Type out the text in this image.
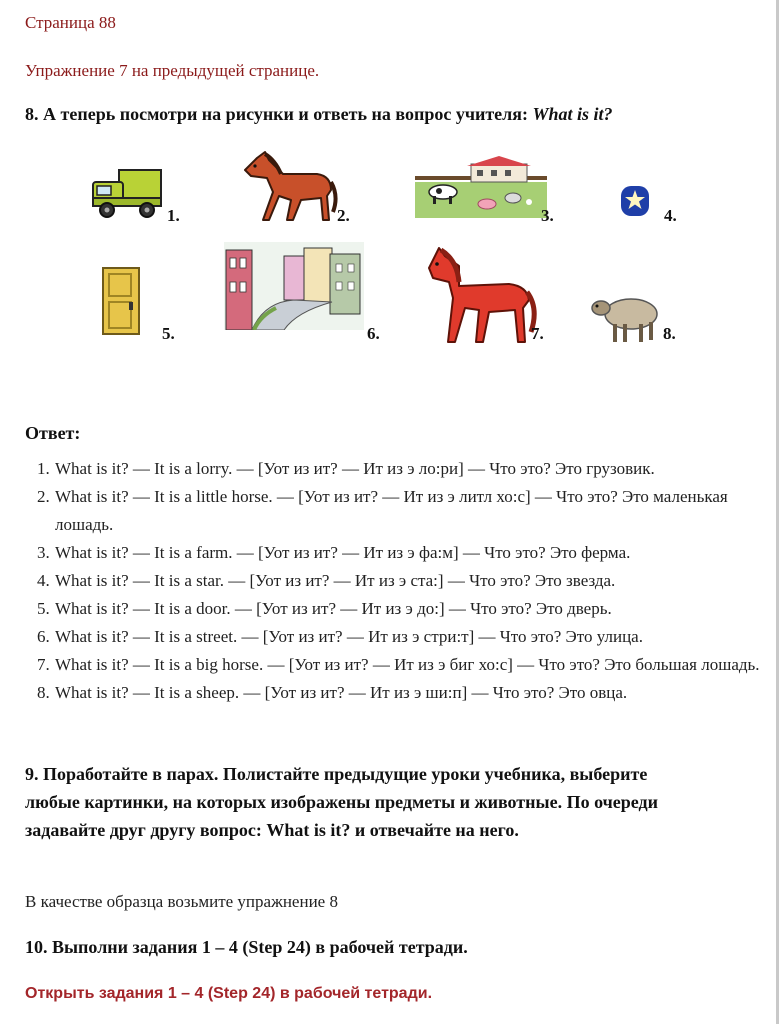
Страница 88
Упражнение 7 на предыдущей странице.
8. А теперь посмотри на рисунки и ответь на вопрос учителя: What is it?
1.	2.	3.	4.
5.	6.	7.	8.
Ответ:
1. What is it? — It is a lorry. — [Уот из ит? — Ит из э ло:ри] — Что это? Это грузовик.
2. What is it? — It is a little horse. — [Уот из ит? — Ит из э литл хо:с] — Что это? Это маленькая лошадь.
3. What is it? — It is a farm. — [Уот из ит? — Ит из э фа:м] — Что это? Это ферма.
4. What is it? — It is a star. — [Уот из ит? — Ит из э ста:] — Что это? Это звезда.
5. What is it? — It is a door. — [Уот из ит? — Ит из э до:] — Что это? Это дверь.
6. What is it? — It is a street. — [Уот из ит? — Ит из э стри:т] — Что это? Это улица.
7. What is it? — It is a big horse. — [Уот из ит? — Ит из э биг хо:с] — Что это? Это большая лошадь.
8. What is it? — It is a sheep. — [Уот из ит? — Ит из э ши:п] — Что это? Это овца.
9. Поработайте в парах. Полистайте предыдущие уроки учебника, выберите любые картинки, на которых изображены предметы и животные. По очереди задавайте друг другу вопрос: What is it? и отвечайте на него.
В качестве образца возьмите упражнение 8
10. Выполни задания 1 – 4 (Step 24) в рабочей тетради.
Открыть задания 1 – 4 (Step 24) в рабочей тетради.
